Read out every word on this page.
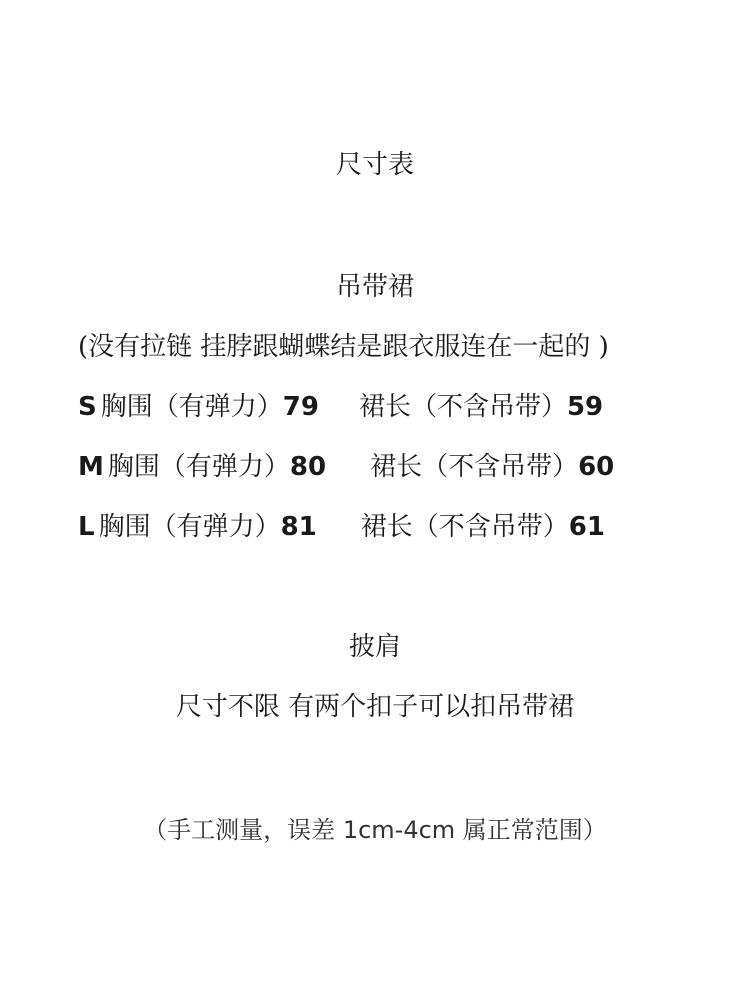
尺寸表
吊带裙
(没有拉链 挂脖跟蝴蝶结是跟衣服连在一起的 )
S 胸围（有弹力）79 裙长（不含吊带）59
M 胸围（有弹力）80 裙长（不含吊带）60
L 胸围（有弹力）81 裙长（不含吊带）61
披肩
尺寸不限 有两个扣子可以扣吊带裙
（手工测量，误差 1cm-4cm 属正常范围）
